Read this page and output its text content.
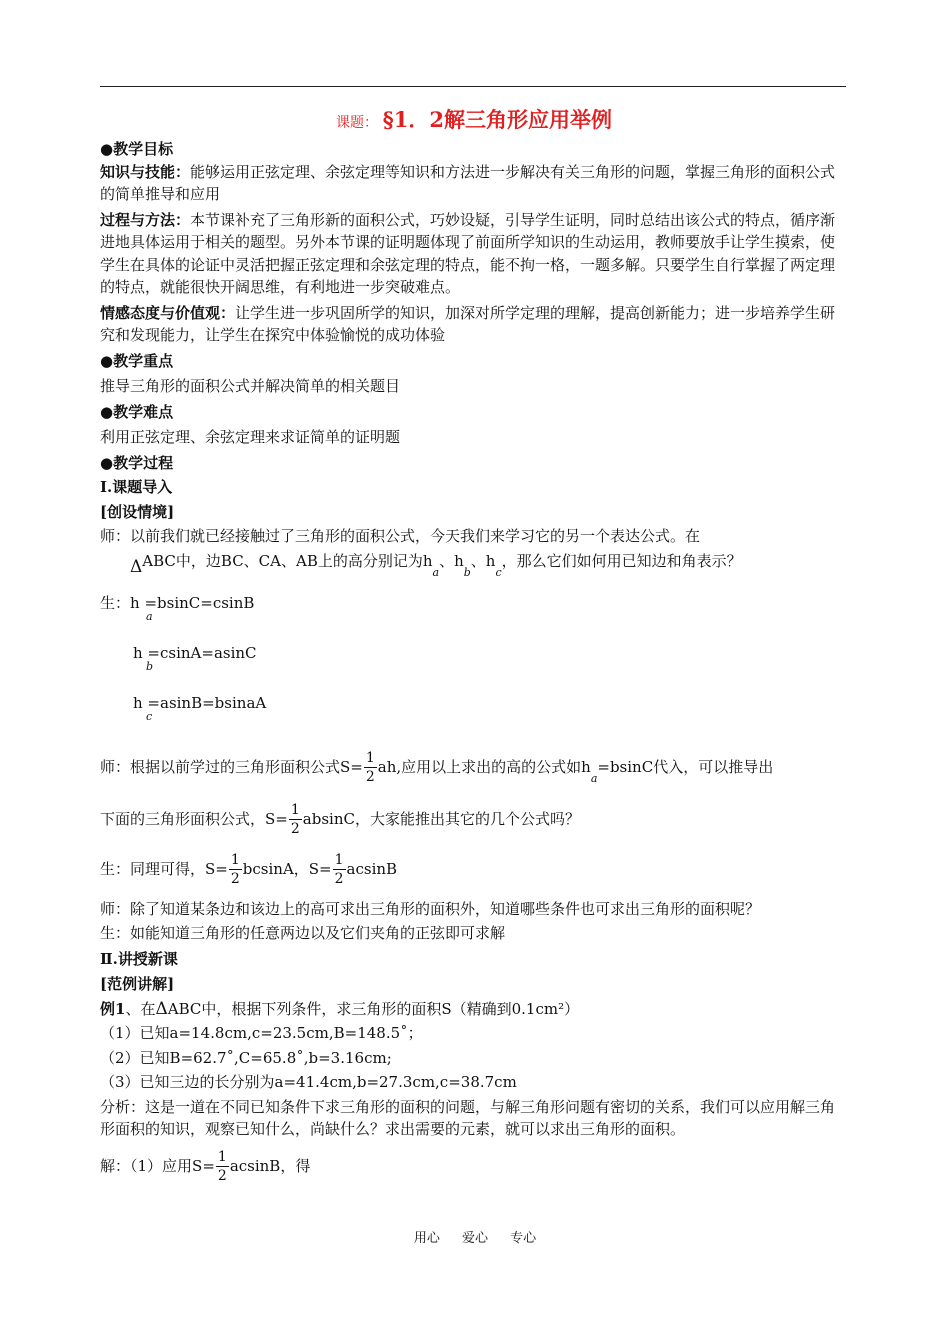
课题： §1．2解三角形应用举例

●教学目标

知识与技能：能够运用正弦定理、余弦定理等知识和方法进一步解决有关三角形的问题，掌握三角形的面积公式的简单推导和应用

过程与方法：本节课补充了三角形新的面积公式，巧妙设疑，引导学生证明，同时总结出该公式的特点，循序渐进地具体运用于相关的题型。另外本节课的证明题体现了前面所学知识的生动运用，教师要放手让学生摸索，使学生在具体的论证中灵活把握正弦定理和余弦定理的特点，能不拘一格，一题多解。只要学生自行掌握了两定理的特点，就能很快开阔思维，有利地进一步突破难点。

情感态度与价值观：让学生进一步巩固所学的知识，加深对所学定理的理解，提高创新能力；进一步培养学生研究和发现能力，让学生在探究中体验愉悦的成功体验

●教学重点

推导三角形的面积公式并解决简单的相关题目

●教学难点

利用正弦定理、余弦定理来求证简单的证明题

●教学过程

Ⅰ.课题导入

[创设情境]

师：以前我们就已经接触过了三角形的面积公式，今天我们来学习它的另一个表达公式。在

ΔABC中，边BC、CA、AB上的高分别记为$h_a$、$h_b$、$h_c$，那么它们如何用已知边和角表示？

生：h =bsinC=csinB
a
h =csinA=asinC
b
h =asinB=bsinaA
c

师：根据以前学过的三角形面积公式$S= \frac{1}{2}$ ah,应用以上求出的高的公式如$h_a=bsinC$代入，可以推导出

下面的三角形面积公式，$S= \frac{1}{2}$ absinC，大家能推出其它的几个公式吗？

生：同理可得，$S= \frac{1}{2}$ bcsinA，$S= \frac{1}{2}$ acsinB

师：除了知道某条边和该边上的高可求出三角形的面积外，知道哪些条件也可求出三角形的面积呢？

生：如能知道三角形的任意两边以及它们夹角的正弦即可求解

Ⅱ.讲授新课

[范例讲解]

例1、在ΔABC中，根据下列条件，求三角形的面积S（精确到0.1cm²）

（1）已知a=14.8cm,c=23.5cm,B=148.5˚；

（2）已知B=62.7˚,C=65.8˚,b=3.16cm;

（3）已知三边的长分别为a=41.4cm,b=27.3cm,c=38.7cm

分析：这是一道在不同已知条件下求三角形的面积的问题，与解三角形问题有密切的关系，我们可以应用解三角形面积的知识，观察已知什么，尚缺什么？求出需要的元素，就可以求出三角形的面积。

解：（1）应用$S= \frac{1}{2}$ acsinB，得

用心 爱心 专心
